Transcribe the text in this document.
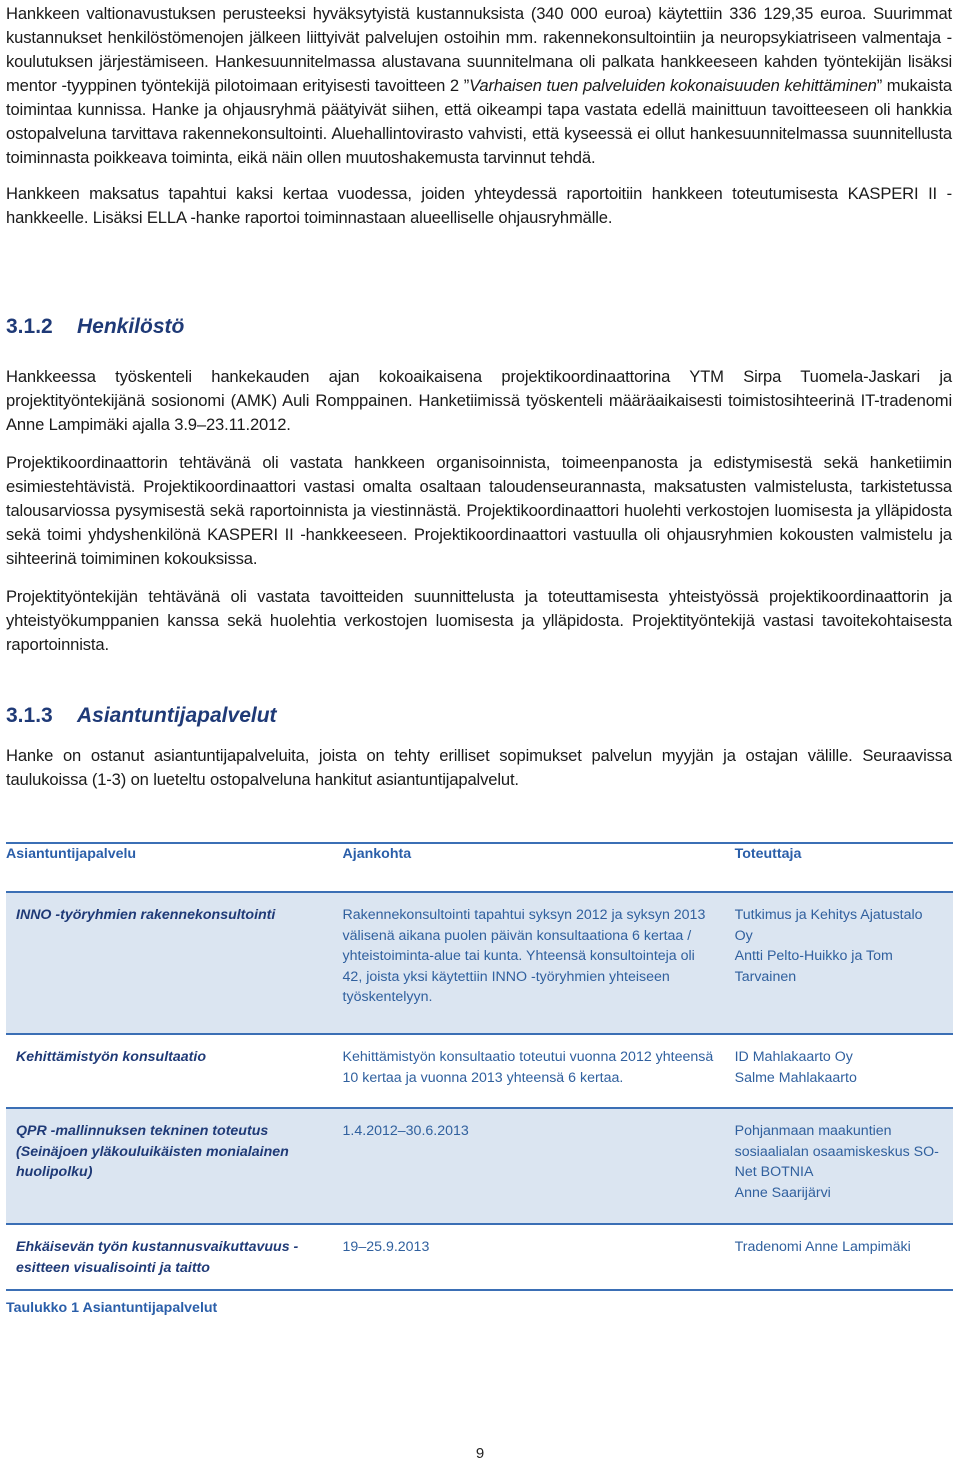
Hankkeen valtionavustuksen perusteeksi hyväksytyistä kustannuksista (340 000 euroa) käytettiin 336 129,35 euroa. Suurimmat kustannukset henkilöstömenojen jälkeen liittyivät palvelujen ostoihin mm. rakennekonsultointiin ja neuropsykiatriseen valmentaja -koulutuksen järjestämiseen. Hankesuunnitelmassa alustavana suunnitelmana oli palkata hankkeeseen kahden työntekijän lisäksi mentor -tyyppinen työntekijä pilotoimaan erityisesti tavoitteen 2 ”Varhaisen tuen palveluiden kokonaisuuden kehittäminen” mukaista toimintaa kunnissa. Hanke ja ohjausryhmä päätyivät siihen, että oikeampi tapa vastata edellä mainittuun tavoitteeseen oli hankkia ostopalveluna tarvittava rakennekonsultointi. Aluehallintovirasto vahvisti, että kyseessä ei ollut hankesuunnitelmassa suunnitellusta toiminnasta poikkeava toiminta, eikä näin ollen muutoshakemusta tarvinnut tehdä.

Hankkeen maksatus tapahtui kaksi kertaa vuodessa, joiden yhteydessä raportoitiin hankkeen toteutumisesta KASPERI II -hankkeelle. Lisäksi ELLA -hanke raportoi toiminnastaan alueelliselle ohjausryhmälle.

3.1.2 Henkilöstö

Hankkeessa työskenteli hankekauden ajan kokoaikaisena projektikoordinaattorina YTM Sirpa Tuomela-Jaskari ja projektityöntekijänä sosionomi (AMK) Auli Romppainen. Hanketiimissä työskenteli määräaikaisesti toimistosihteerinä IT-tradenomi Anne Lampimäki ajalla 3.9–23.11.2012.

Projektikoordinaattorin tehtävänä oli vastata hankkeen organisoinnista, toimeenpanosta ja edistymisestä sekä hanketiimin esimiestehtävistä. Projektikoordinaattori vastasi omalta osaltaan taloudenseurannasta, maksatusten valmistelusta, tarkistetussa talousarviossa pysymisestä sekä raportoinnista ja viestinnästä. Projektikoordinaattori huolehti verkostojen luomisesta ja ylläpidosta sekä toimi yhdyshenkilönä KASPERI II -hankkeeseen. Projektikoordinaattori vastuulla oli ohjausryhmien kokousten valmistelu ja sihteerinä toimiminen kokouksissa.

Projektityöntekijän tehtävänä oli vastata tavoitteiden suunnittelusta ja toteuttamisesta yhteistyössä projektikoordinaattorin ja yhteistyökumppanien kanssa sekä huolehtia verkostojen luomisesta ja ylläpidosta. Projektityöntekijä vastasi tavoitekohtaisesta raportoinnista.

3.1.3 Asiantuntijapalvelut

Hanke on ostanut asiantuntijapalveluita, joista on tehty erilliset sopimukset palvelun myyjän ja ostajan välille. Seuraavissa taulukoissa (1-3) on lueteltu ostopalveluna hankitut asiantuntijapalvelut.

Asiantuntijapalvelu	Ajankohta	Toteuttaja
INNO -työryhmien rakennekonsultointi	Rakennekonsultointi tapahtui syksyn 2012 ja syksyn 2013 välisenä aikana puolen päivän konsultaationa 6 kertaa / yhteistoiminta-alue tai kunta. Yhteensä konsultointeja oli 42, joista yksi käytettiin INNO -työryhmien yhteiseen työskentelyyn.	Tutkimus ja Kehitys Ajatustalo Oy
Antti Pelto-Huikko ja Tom Tarvainen
Kehittämistyön konsultaatio	Kehittämistyön konsultaatio toteutui vuonna 2012 yhteensä 10 kertaa ja vuonna 2013 yhteensä 6 kertaa.	ID Mahlakaarto Oy
Salme Mahlakaarto
QPR -mallinnuksen tekninen toteutus (Seinäjoen yläkouluikäisten monialainen huolipolku)	1.4.2012–30.6.2013	Pohjanmaan maakuntien sosiaalialan osaamiskeskus SO-Net BOTNIA
Anne Saarijärvi
Ehkäisevän työn kustannusvaikuttavuus -esitteen visualisointi ja taitto	19–25.9.2013	Tradenomi Anne Lampimäki
Taulukko 1 Asiantuntijapalvelut
9
